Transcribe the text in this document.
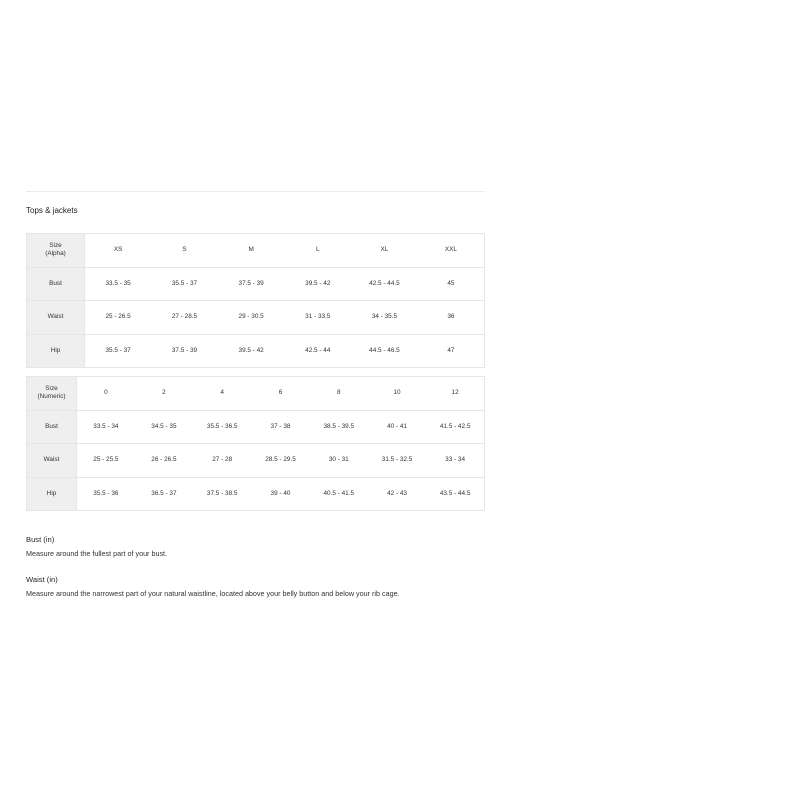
Tops & jackets
Size
(Alpha)	XS	S	M	L	XL	XXL
Bust	33.5 - 35	35.5 - 37	37.5 - 39	39.5 - 42	42.5 - 44.5	45
Waist	25 - 26.5	27 - 28.5	29 - 30.5	31 - 33.5	34 - 35.5	36
Hip	35.5 - 37	37.5 - 39	39.5 - 42	42.5 - 44	44.5 - 46.5	47
Size
(Numeric)	0	2	4	6	8	10	12
Bust	33.5 - 34	34.5 - 35	35.5 - 36.5	37 - 38	38.5 - 39.5	40 - 41	41.5 - 42.5
Waist	25 - 25.5	26 - 26.5	27 - 28	28.5 - 29.5	30 - 31	31.5 - 32.5	33 - 34
Hip	35.5 - 36	36.5 - 37	37.5 - 38.5	39 - 40	40.5 - 41.5	42 - 43	43.5 - 44.5
Bust (in)
Measure around the fullest part of your bust.
Waist (in)
Measure around the narrowest part of your natural waistline, located above your belly button and below your rib cage.
